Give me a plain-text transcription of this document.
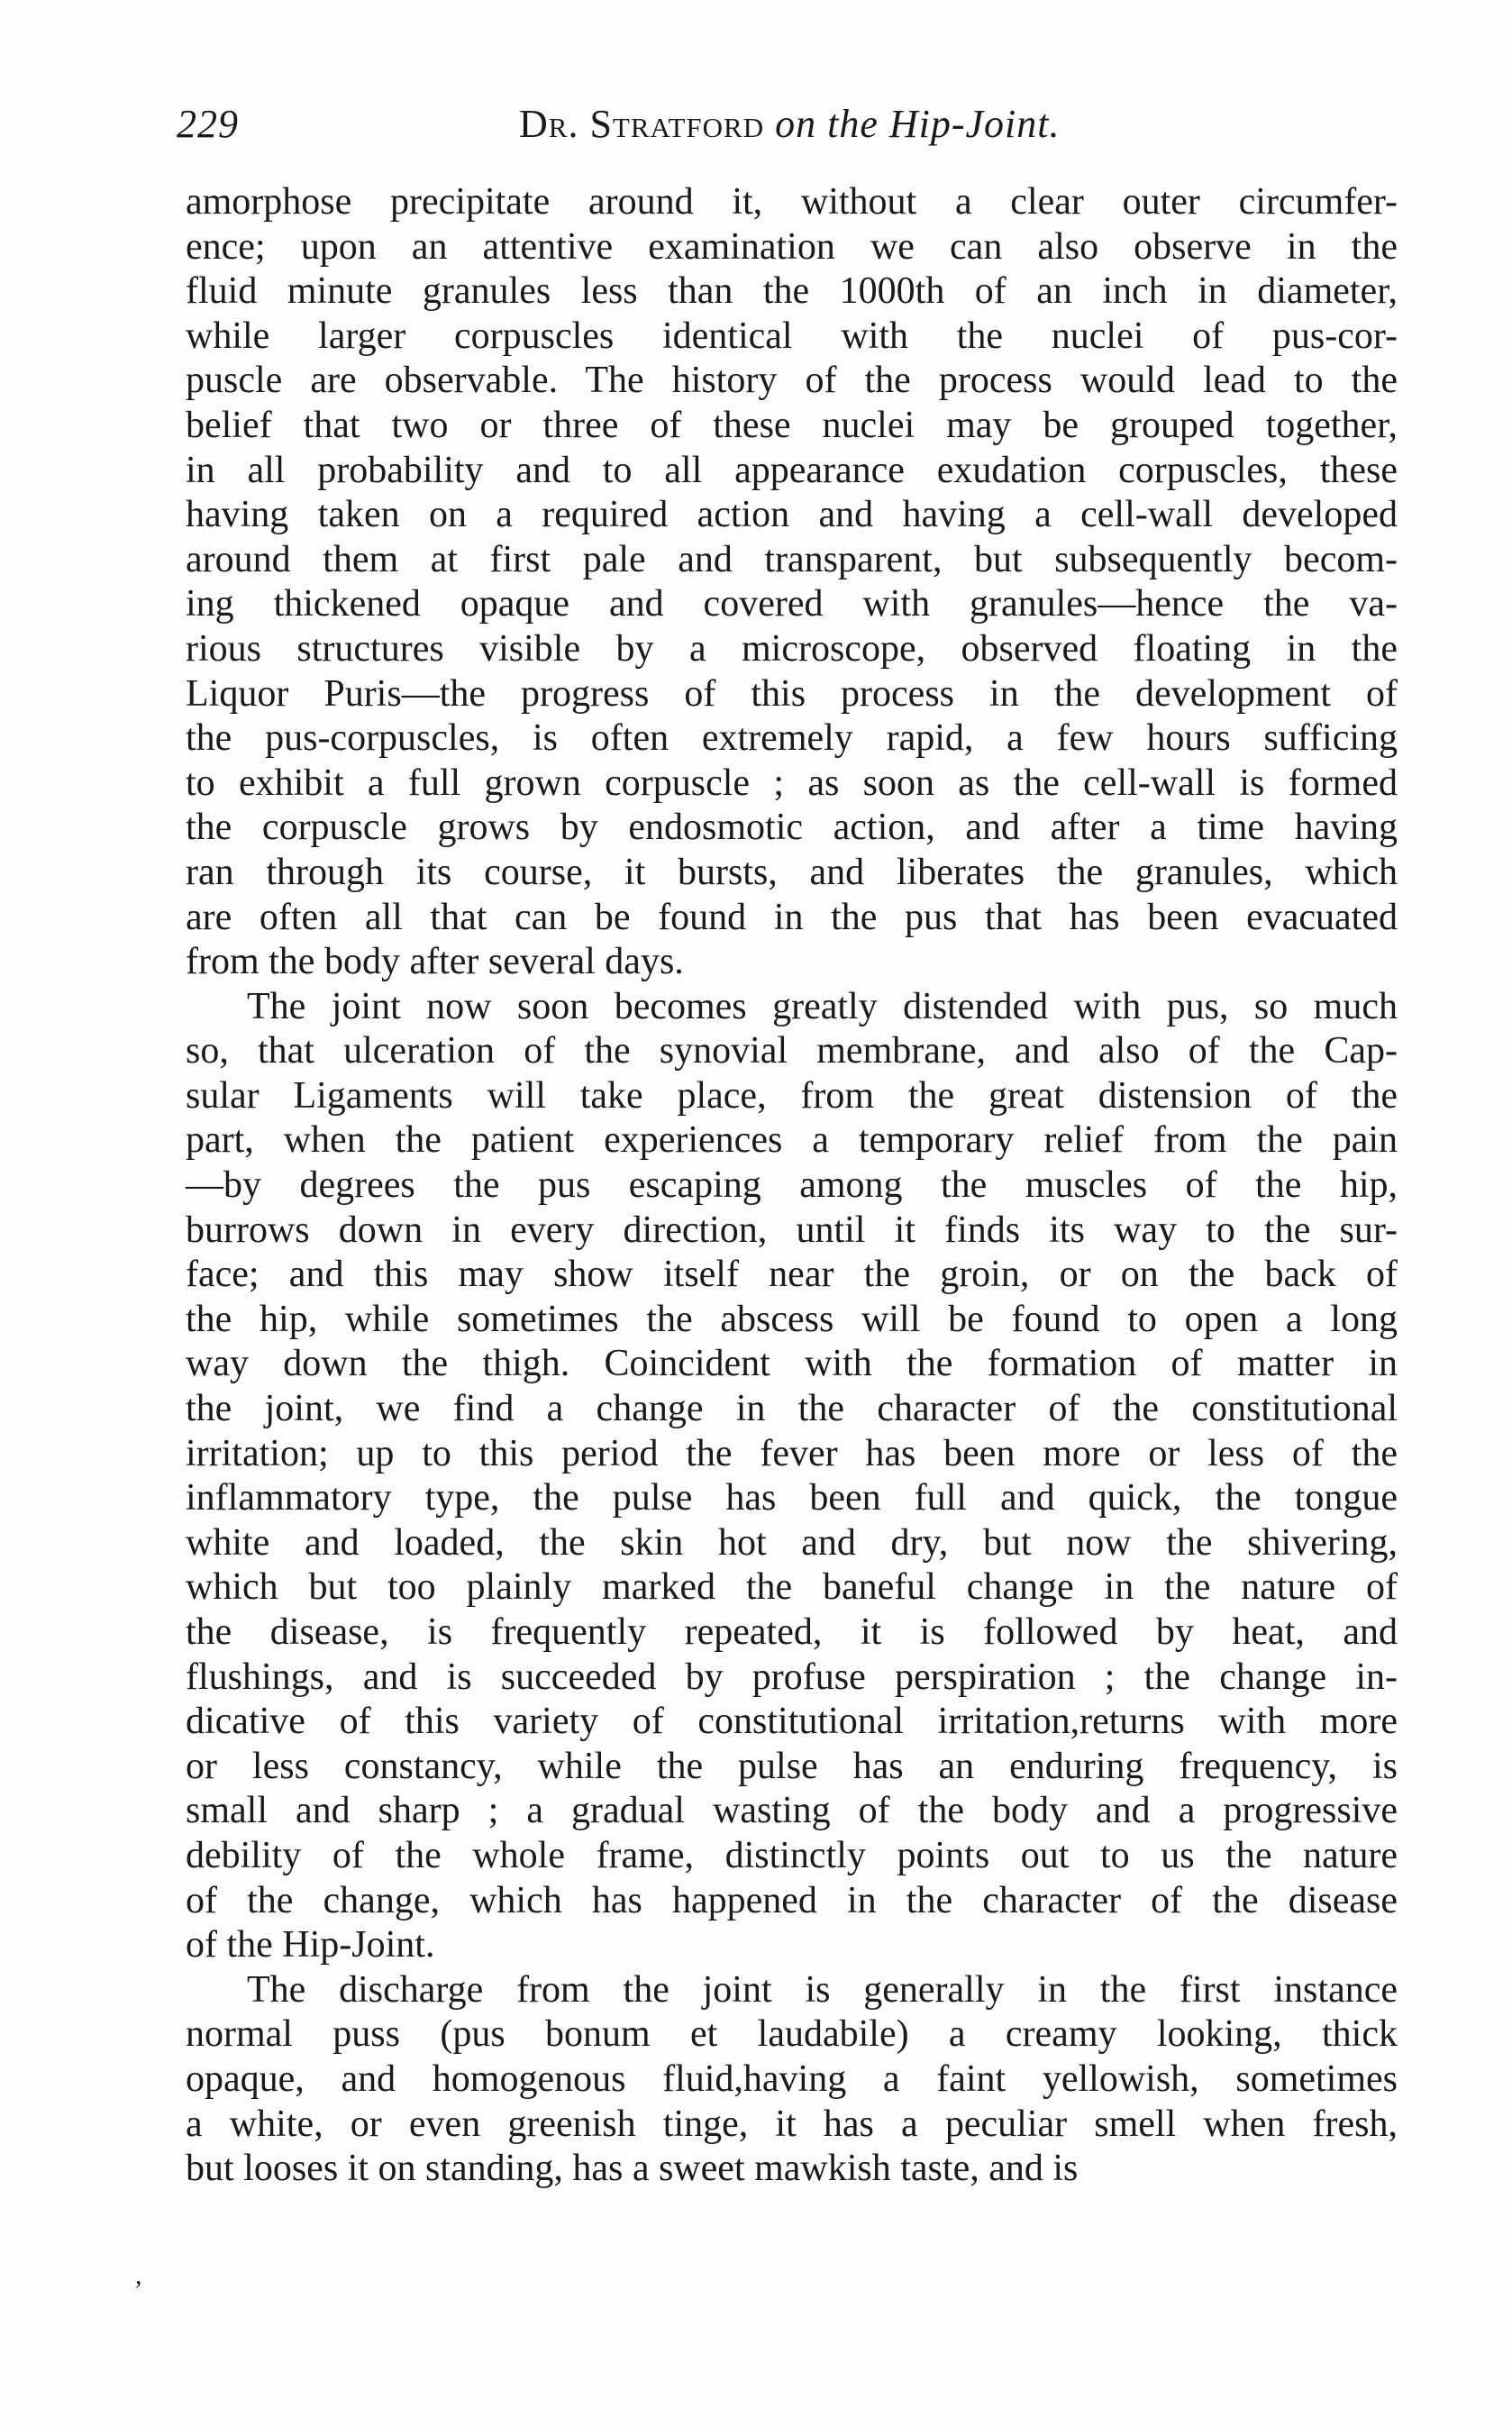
229	Dr. Stratford on the Hip-Joint.
amorphose precipitate around it, without a clear outer circumfer-
ence; upon an attentive examination we can also observe in the
fluid minute granules less than the 1000th of an inch in diameter,
while larger corpuscles identical with the nuclei of pus-cor-
puscle are observable. The history of the process would lead to the
belief that two or three of these nuclei may be grouped together,
in all probability and to all appearance exudation corpuscles, these
having taken on a required action and having a cell-wall developed
around them at first pale and transparent, but subsequently becom-
ing thickened opaque and covered with granules—hence the va-
rious structures visible by a microscope, observed floating in the
Liquor Puris—the progress of this process in the development of
the pus-corpuscles, is often extremely rapid, a few hours sufficing
to exhibit a full grown corpuscle ; as soon as the cell-wall is formed
the corpuscle grows by endosmotic action, and after a time having
ran through its course, it bursts, and liberates the granules, which
are often all that can be found in the pus that has been evacuated
from the body after several days.
The joint now soon becomes greatly distended with pus, so much
so, that ulceration of the synovial membrane, and also of the Cap-
sular Ligaments will take place, from the great distension of the
part, when the patient experiences a temporary relief from the pain
—by degrees the pus escaping among the muscles of the hip,
burrows down in every direction, until it finds its way to the sur-
face; and this may show itself near the groin, or on the back of
the hip, while sometimes the abscess will be found to open a long
way down the thigh. Coincident with the formation of matter in
the joint, we find a change in the character of the constitutional
irritation; up to this period the fever has been more or less of the
inflammatory type, the pulse has been full and quick, the tongue
white and loaded, the skin hot and dry, but now the shivering,
which but too plainly marked the baneful change in the nature of
the disease, is frequently repeated, it is followed by heat, and
flushings, and is succeeded by profuse perspiration ; the change in-
dicative of this variety of constitutional irritation,returns with more
or less constancy, while the pulse has an enduring frequency, is
small and sharp ; a gradual wasting of the body and a progressive
debility of the whole frame, distinctly points out to us the nature
of the change, which has happened in the character of the disease
of the Hip-Joint.
The discharge from the joint is generally in the first instance
normal puss (pus bonum et laudabile) a creamy looking, thick
opaque, and homogenous fluid,having a faint yellowish, sometimes
a white, or even greenish tinge, it has a peculiar smell when fresh,
but looses it on standing, has a sweet mawkish taste, and is
,
